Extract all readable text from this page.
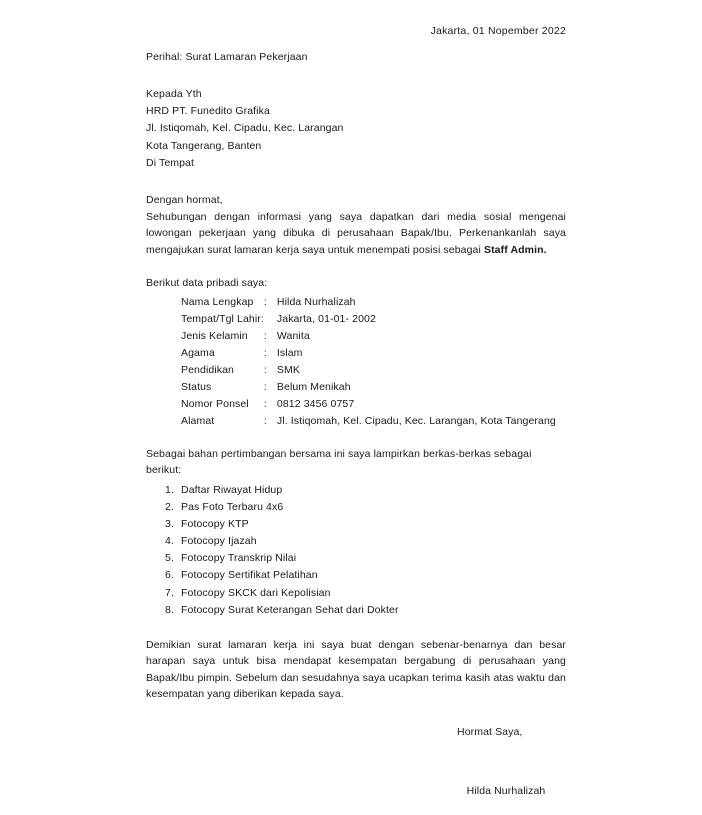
Jakarta, 01 Nopember 2022
Perihal: Surat Lamaran Pekerjaan
Kepada Yth
HRD PT. Funedito Grafika
Jl. Istiqomah, Kel. Cipadu, Kec. Larangan
Kota Tangerang, Banten
Di Tempat
Dengan hormat,

Sehubungan dengan informasi yang saya dapatkan dari media sosial mengenai lowongan pekerjaan yang dibuka di perusahaan Bapak/Ibu. Perkenankanlah saya mengajukan surat lamaran kerja saya untuk menempati posisi sebagai Staff Admin.

Berikut data pribadi saya:
Nama Lengkap	:	Hilda Nurhalizah
Tempat/Tgl Lahir:		Jakarta, 01-01- 2002
Jenis Kelamin	:	Wanita
Agama	:	Islam
Pendidikan	:	SMK
Status	:	Belum Menikah
Nomor Ponsel	:	0812 3456 0757
Alamat	:	Jl. Istiqomah, Kel. Cipadu, Kec. Larangan, Kota Tangerang
Sebagai bahan pertimbangan bersama ini saya lampirkan berkas-berkas sebagai berikut:
1. Daftar Riwayat Hidup
2. Pas Foto Terbaru 4x6
3. Fotocopy KTP
4. Fotocopy Ijazah
5. Fotocopy Transkrip Nilai
6. Fotocopy Sertifikat Pelatihan
7. Fotocopy SKCK dari Kepolisian
8. Fotocopy Surat Keterangan Sehat dari Dokter

Demikian surat lamaran kerja ini saya buat dengan sebenar-benarnya dan besar harapan saya untuk bisa mendapat kesempatan bergabung di perusahaan yang Bapak/Ibu pimpin. Sebelum dan sesudahnya saya ucapkan terima kasih atas waktu dan kesempatan yang diberikan kepada saya.

Hormat Saya,
Hilda Nurhalizah
